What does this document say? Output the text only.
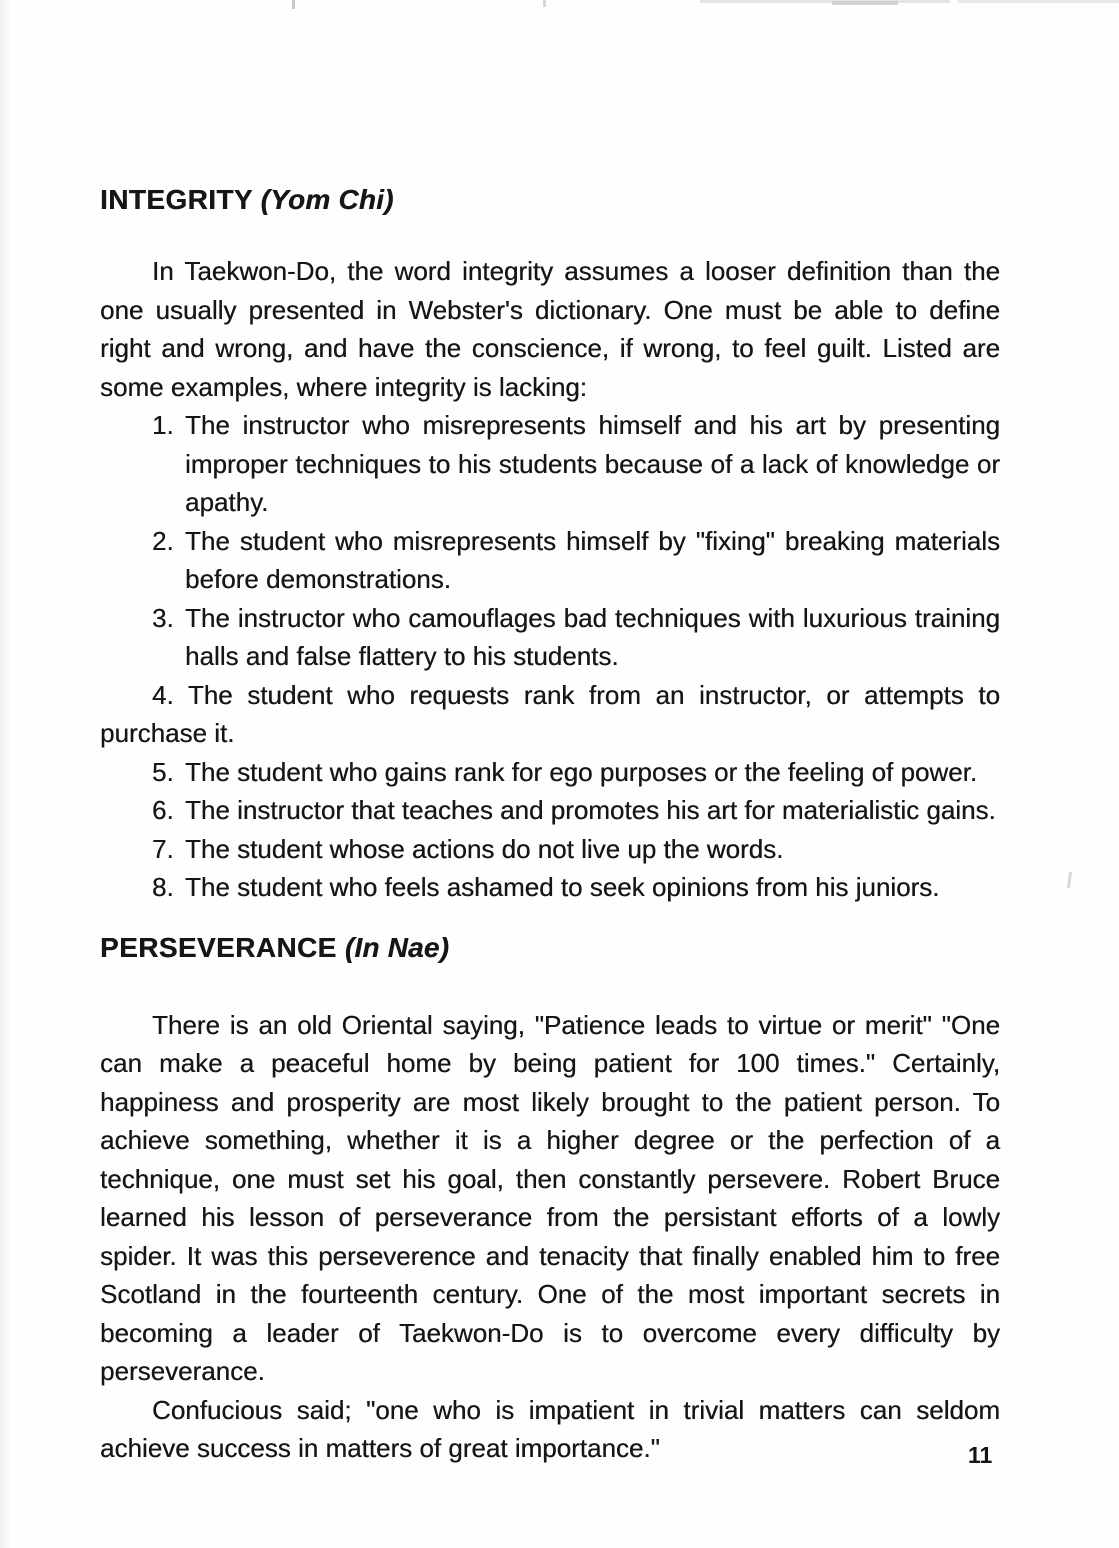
INTEGRITY (Yom Chi)

In Taekwon-Do, the word integrity assumes a looser definition than the one usually presented in Webster's dictionary. One must be able to define right and wrong, and have the conscience, if wrong, to feel guilt. Listed are some examples, where integrity is lacking:

1. The instructor who misrepresents himself and his art by presenting improper techniques to his students because of a lack of knowledge or apathy.
2. The student who misrepresents himself by "fixing" breaking materials before demonstrations.
3. The instructor who camouflages bad techniques with luxurious training halls and false flattery to his students.

4. The student who requests rank from an instructor, or attempts to purchase it.

5. The student who gains rank for ego purposes or the feeling of power.
6. The instructor that teaches and promotes his art for materialistic gains.
7. The student whose actions do not live up the words.
8. The student who feels ashamed to seek opinions from his juniors.
PERSEVERANCE (In Nae)

There is an old Oriental saying, "Patience leads to virtue or merit" "One can make a peaceful home by being patient for 100 times." Certainly, happiness and prosperity are most likely brought to the patient person. To achieve something, whether it is a higher degree or the perfection of a technique, one must set his goal, then constantly persevere. Robert Bruce learned his lesson of perseverance from the persistant efforts of a lowly spider. It was this perseverence and tenacity that finally enabled him to free Scotland in the fourteenth century. One of the most important secrets in becoming a leader of Taekwon-Do is to overcome every difficulty by perseverance.

Confucious said; "one who is impatient in trivial matters can seldom achieve success in matters of great importance."	11
